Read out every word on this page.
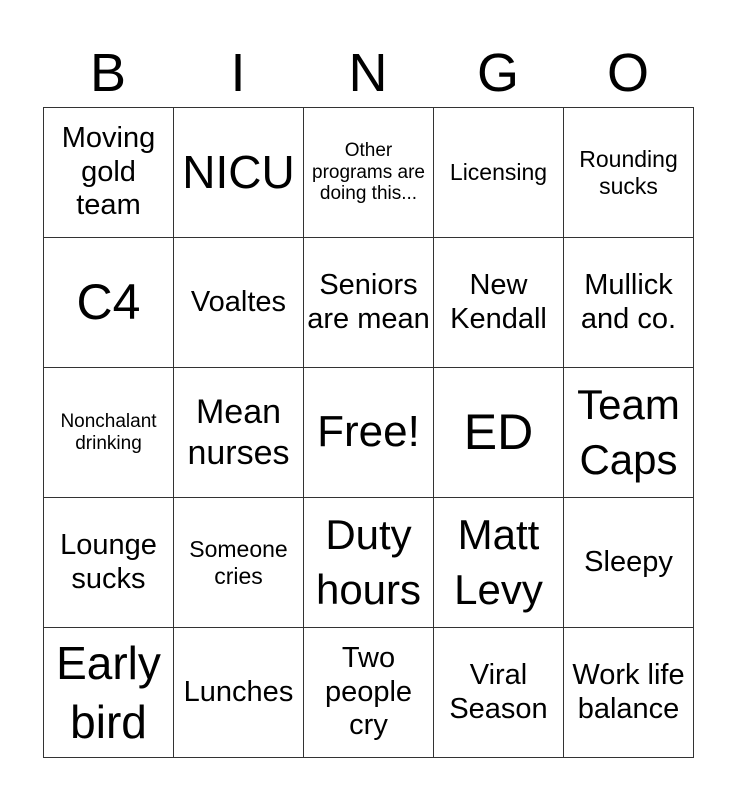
B	I	N	G	O
Moving gold team	NICU	Other programs are doing this...	Licensing	Rounding sucks
C4	Voaltes	Seniors are mean	New Kendall	Mullick and co.
Nonchalant drinking	Mean nurses	Free!	ED	Team Caps
Lounge sucks	Someone cries	Duty hours	Matt Levy	Sleepy
Early bird	Lunches	Two people cry	Viral Season	Work life balance
